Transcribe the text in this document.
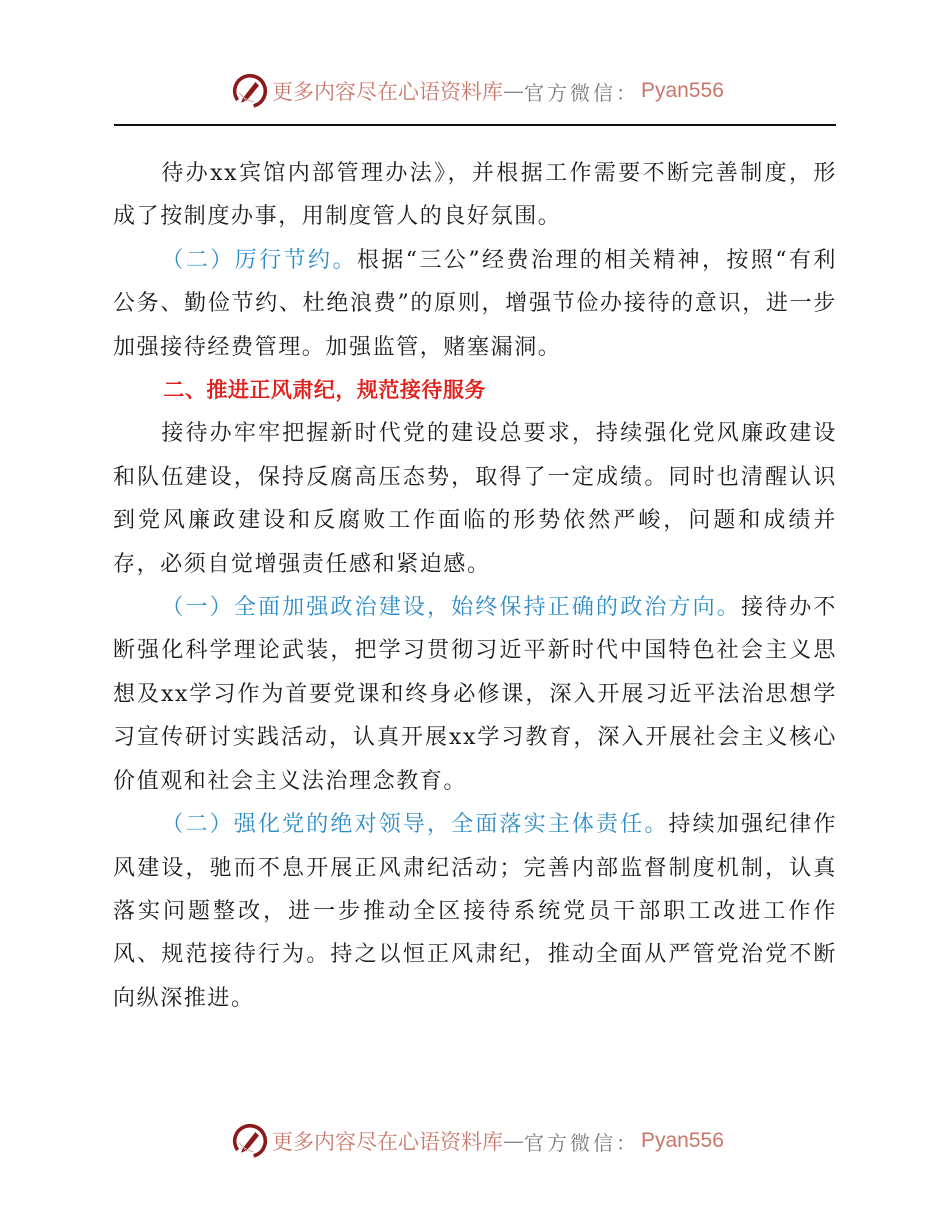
更多内容尽在心语资料库 — 官方微信： Pyan556

待办xx宾馆内部管理办法》，并根据工作需要不断完善制度，形成了按制度办事，用制度管人的良好氛围。

（二）厉行节约。根据“三公”经费治理的相关精神，按照“有利公务、勤俭节约、杜绝浪费”的原则，增强节俭办接待的意识，进一步加强接待经费管理。加强监管，赌塞漏洞。

二、推进正风肃纪，规范接待服务

接待办牢牢把握新时代党的建设总要求，持续强化党风廉政建设和队伍建设，保持反腐高压态势，取得了一定成绩。同时也清醒认识到党风廉政建设和反腐败工作面临的形势依然严峻，问题和成绩并存，必须自觉增强责任感和紧迫感。

（一）全面加强政治建设，始终保持正确的政治方向。接待办不断强化科学理论武装，把学习贯彻习近平新时代中国特色社会主义思想及xx学习作为首要党课和终身必修课，深入开展习近平法治思想学习宣传研讨实践活动，认真开展xx学习教育，深入开展社会主义核心价值观和社会主义法治理念教育。

（二）强化党的绝对领导，全面落实主体责任。持续加强纪律作风建设，驰而不息开展正风肃纪活动；完善内部监督制度机制，认真落实问题整改，进一步推动全区接待系统党员干部职工改进工作作风、规范接待行为。持之以恒正风肃纪，推动全面从严管党治党不断向纵深推进。

更多内容尽在心语资料库 — 官方微信： Pyan556
